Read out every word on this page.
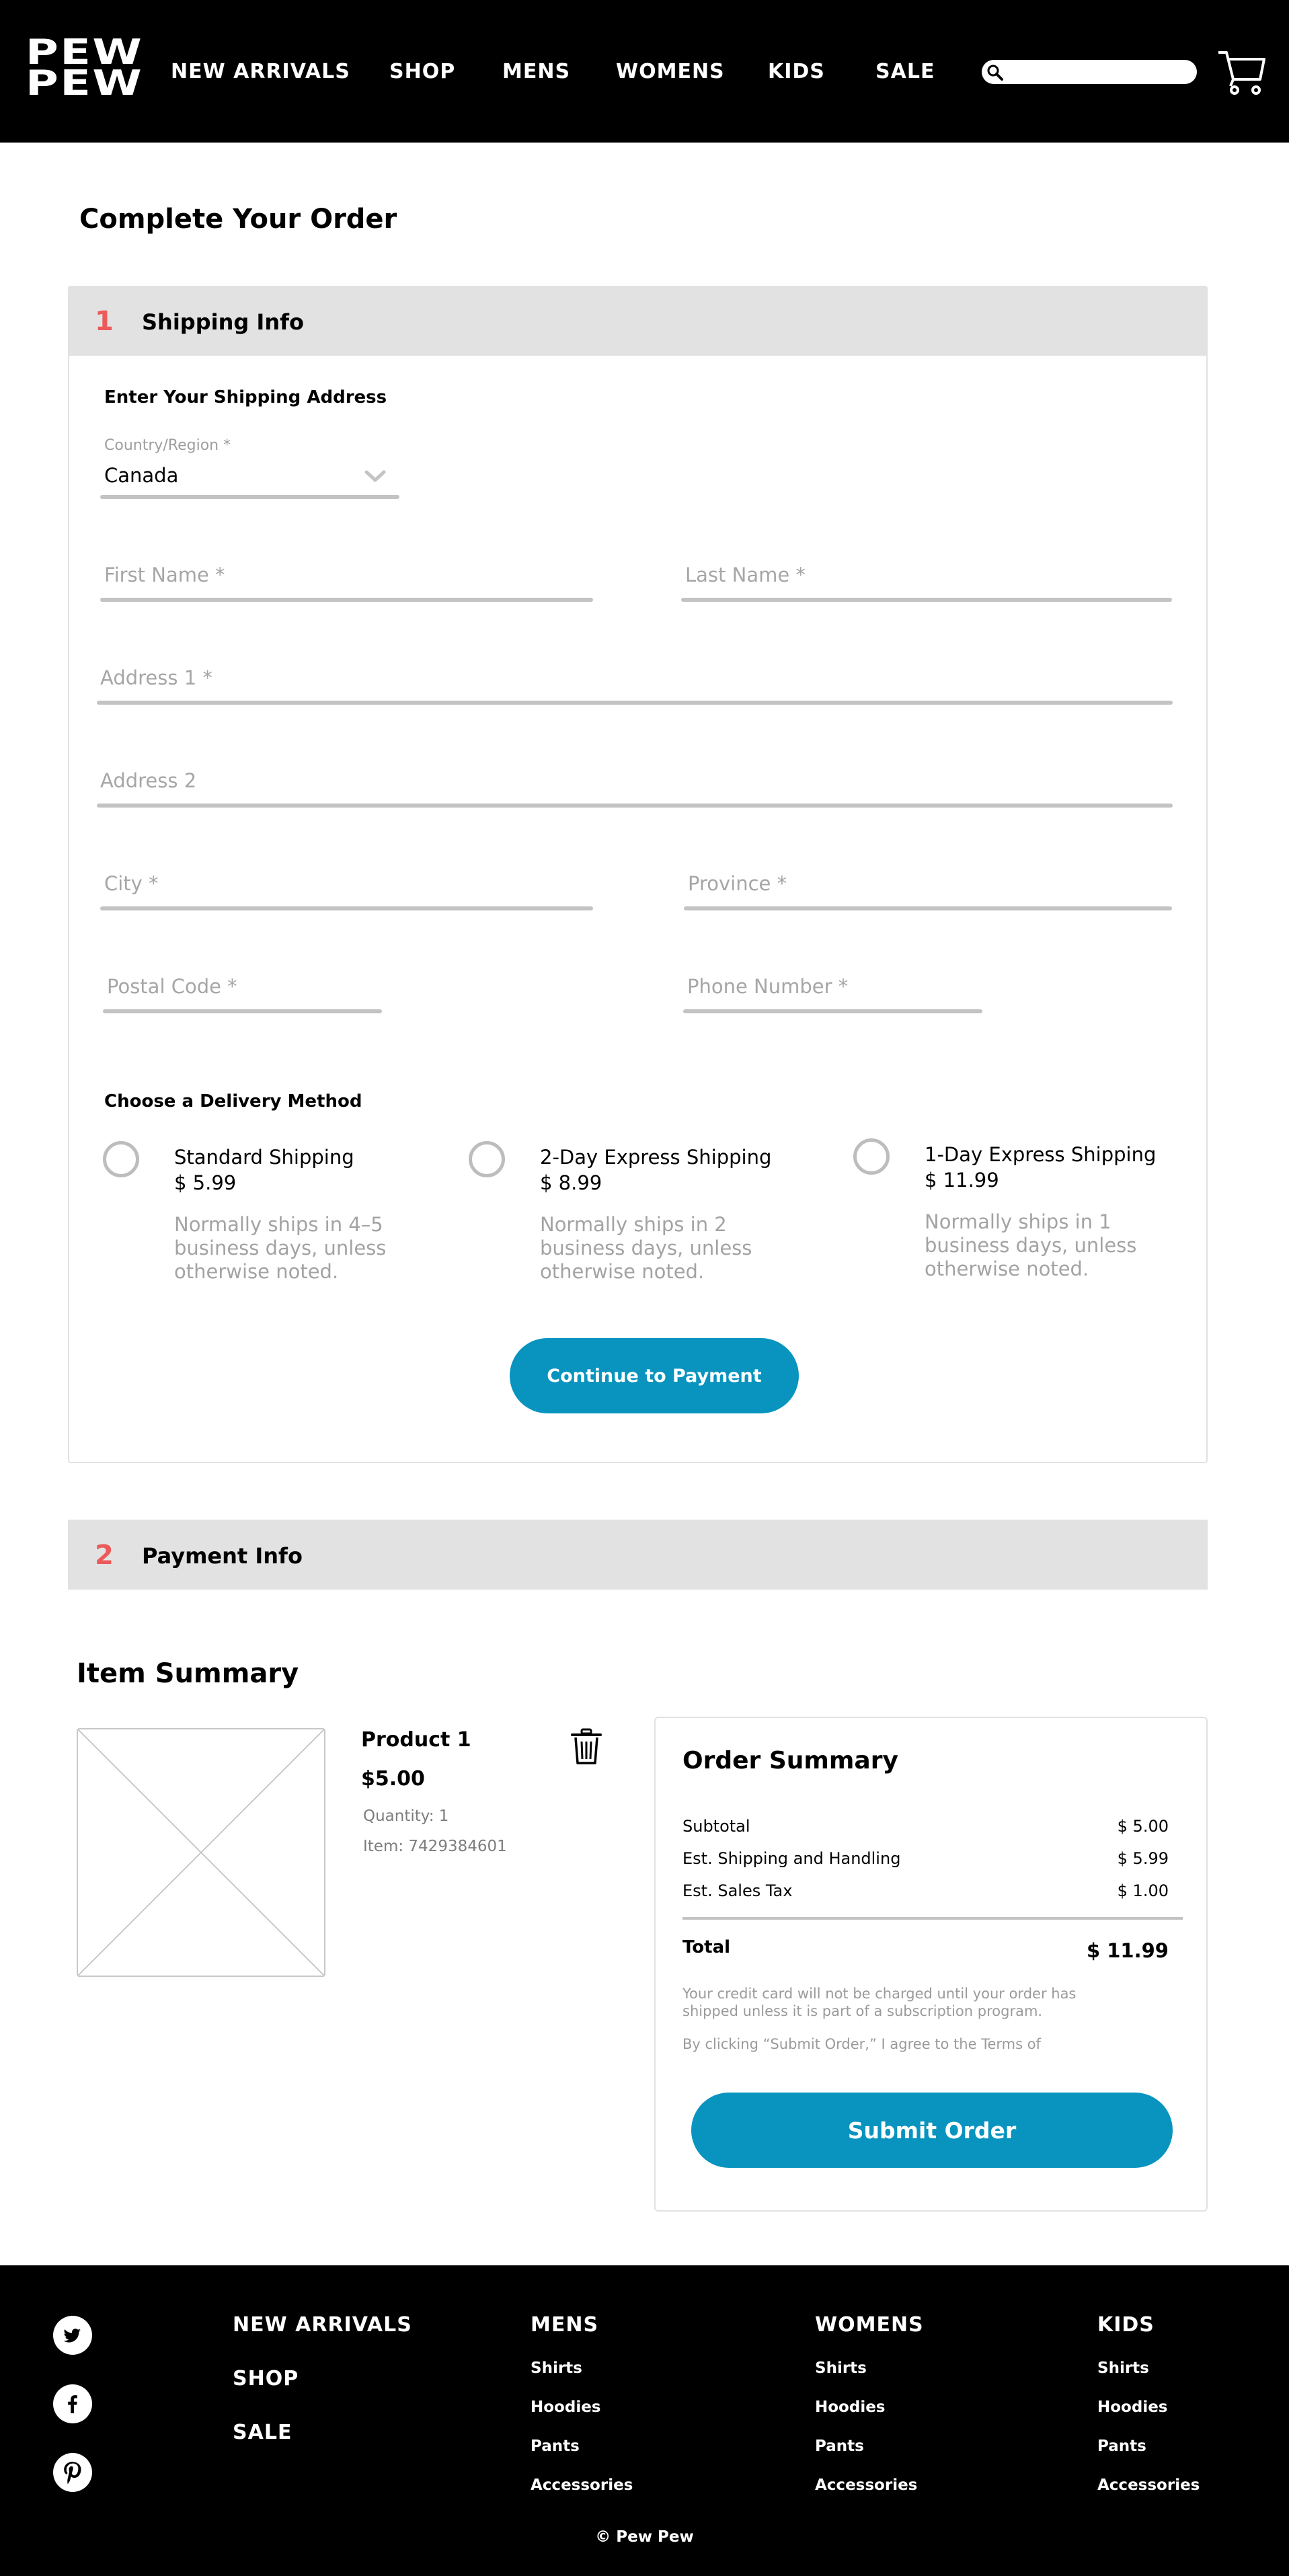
PEW
PEW NEW ARRIVALS SHOP MENS WOMENS KIDS	SALE
Complete Your Order
1 Shipping Info
Enter Your Shipping Address
Country/Region *
Canada
First Name *
Last Name *
Address 1 *
Address 2
City *
Province *
Postal Code *
Phone Number *
Choose a Delivery Method
Standard Shipping
$ 5.99
Normally ships in 4–5 business days, unless otherwise noted.
2-Day Express Shipping
$ 8.99
Normally ships in 2 business days, unless otherwise noted.
1-Day Express Shipping
$ 11.99
Normally ships in 1 business days, unless otherwise noted.
Continue to Payment
2 Payment Info
Item Summary
Product 1
$5.00
Quantity: 1
Item: 7429384601
Order Summary
Subtotal	$ 5.00
Est. Shipping and Handling	$ 5.99
Est. Sales Tax	$ 1.00
Total	$ 11.99
Your credit card will not be charged until your order has shipped unless it is part of a subscription program.
By clicking “Submit Order,” I agree to the Terms of
Submit Order
NEW ARRIVALS
SHOP
SALE
MENS
Shirts
Hoodies
Pants
Accessories
WOMENS
Shirts
Hoodies
Pants
Accessories
KIDS
Shirts
Hoodies
Pants
Accessories
© Pew Pew
